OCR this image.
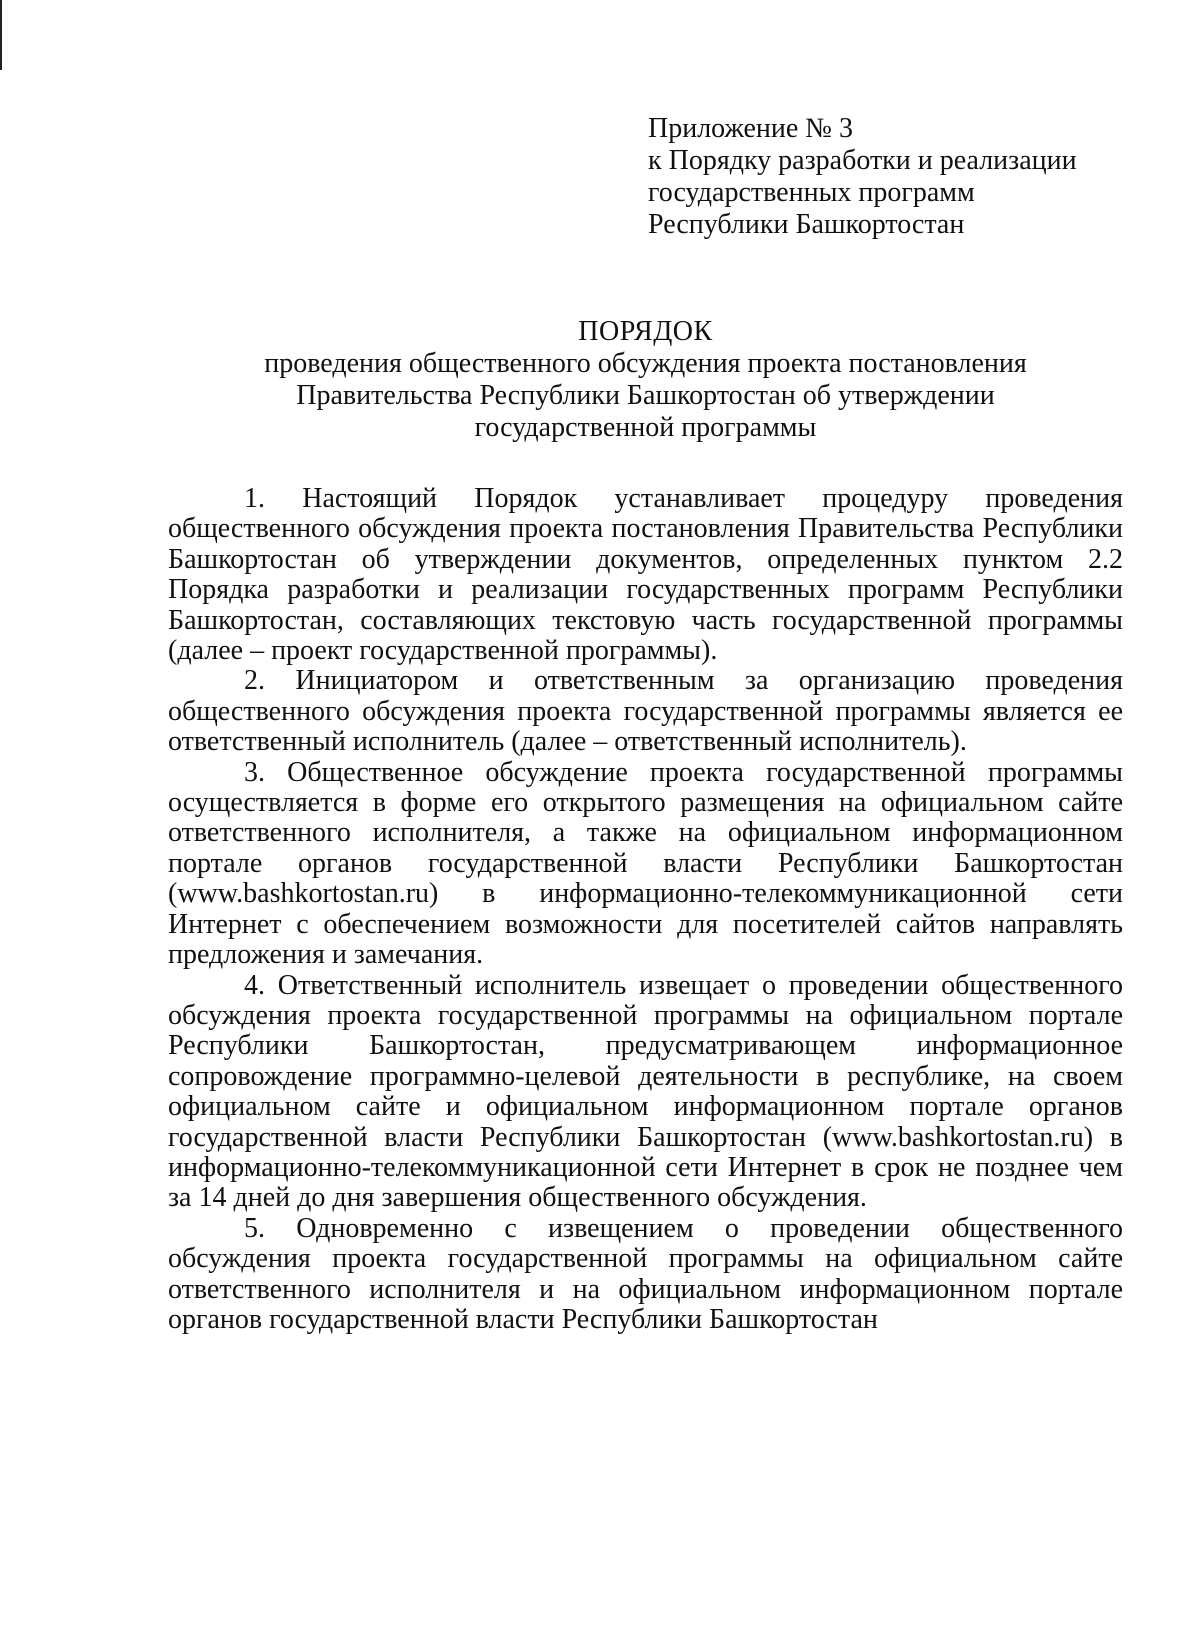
Приложение № 3
к Порядку разработки и реализации
государственных программ
Республики Башкортостан
ПОРЯДОК
проведения общественного обсуждения проекта постановления
Правительства Республики Башкортостан об утверждении
государственной программы

1. Настоящий Порядок устанавливает процедуру проведения общественного обсуждения проекта постановления Правительства Республики Башкортостан об утверждении документов, определенных пунктом 2.2 Порядка разработки и реализации государственных программ Республики Башкортостан, составляющих текстовую часть государственной программы (далее – проект государственной программы).

2. Инициатором и ответственным за организацию проведения общественного обсуждения проекта государственной программы является ее ответственный исполнитель (далее – ответственный исполнитель).

3. Общественное обсуждение проекта государственной программы осуществляется в форме его открытого размещения на официальном сайте ответственного исполнителя, а также на официальном информационном портале органов государственной власти Республики Башкортостан (www.bashkortostan.ru) в информационно-телекоммуникационной сети Интернет с обеспечением возможности для посетителей сайтов направлять предложения и замечания.

4. Ответственный исполнитель извещает о проведении общественного обсуждения проекта государственной программы на официальном портале Республики Башкортостан, предусматривающем информационное сопровождение программно-целевой деятельности в республике, на своем официальном сайте и официальном информационном портале органов государственной власти Республики Башкортостан (www.bashkortostan.ru) в информационно-телекоммуникационной сети Интернет в срок не позднее чем за 14 дней до дня завершения общественного обсуждения.

5. Одновременно с извещением о проведении общественного обсуждения проекта государственной программы на официальном сайте ответственного исполнителя и на официальном информационном портале органов государственной власти Республики Башкортостан
